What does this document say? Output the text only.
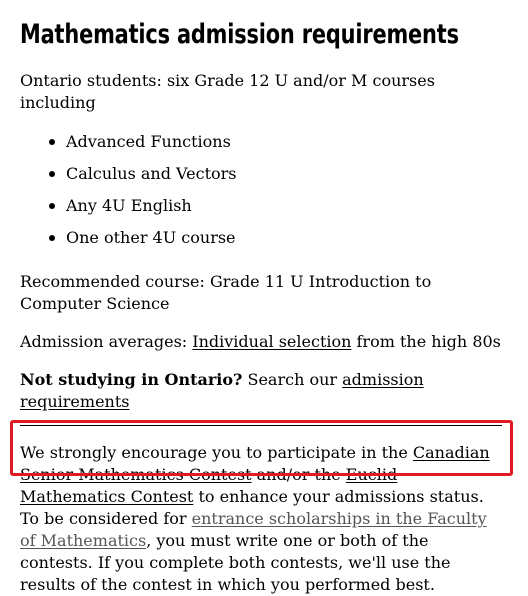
Mathematics admission requirements

Ontario students: six Grade 12 U and/or M courses including

Advanced Functions
Calculus and Vectors
Any 4U English
One other 4U course

Recommended course: Grade 11 U Introduction to Computer Science

Admission averages: Individual selection from the high 80s

Not studying in Ontario? Search our admission requirements

We strongly encourage you to participate in the Canadian Senior Mathematics Contest and/or the Euclid Mathematics Contest to enhance your admissions status. To be considered for entrance scholarships in the Faculty of Mathematics, you must write one or both of the contests. If you complete both contests, we'll use the results of the contest in which you performed best.
